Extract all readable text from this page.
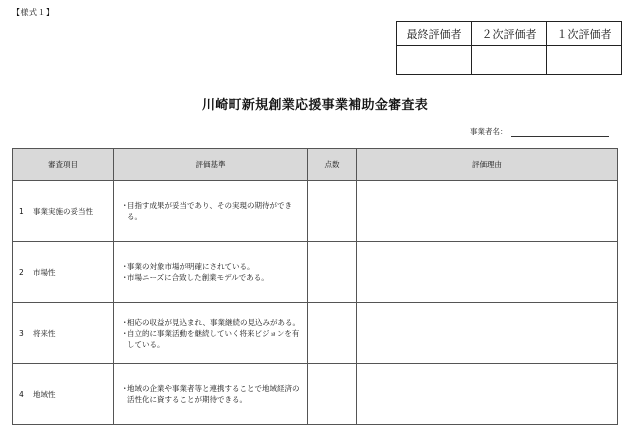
【様式１】
最終評価者	２次評価者	１次評価者

川崎町新規創業応援事業補助金審査表
事業者名：
審査項目	評価基準	点数	評価理由
1 事業実施の妥当性	・
目指す成果が妥当であり、その実現の期待ができる。		

2 市場性	・
事業の対象市場が明確にされている。
・
市場ニーズに合致した創業モデルである。		

3 将来性	・
相応の収益が見込まれ、事業継続の見込みがある。
・
自立的に事業活動を継続していく将来ビジョンを有している。		

4 地域性	・
地域の企業や事業者等と連携することで地域経済の活性化に資することが期待できる。		
